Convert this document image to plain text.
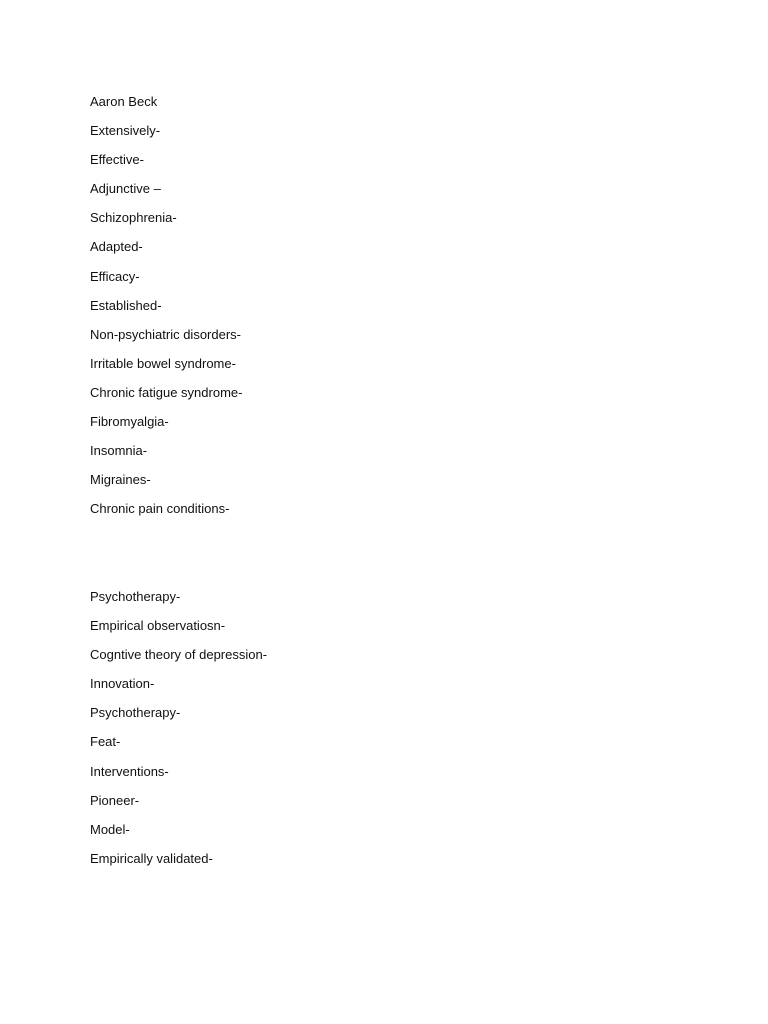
Aaron Beck
Extensively-
Effective-
Adjunctive –
Schizophrenia-
Adapted-
Efficacy-
Established-
Non-psychiatric disorders-
Irritable bowel syndrome-
Chronic fatigue syndrome-
Fibromyalgia-
Insomnia-
Migraines-
Chronic pain conditions-
Psychotherapy-
Empirical observatiosn-
Cogntive theory of depression-
Innovation-
Psychotherapy-
Feat-
Interventions-
Pioneer-
Model-
Empirically validated-
